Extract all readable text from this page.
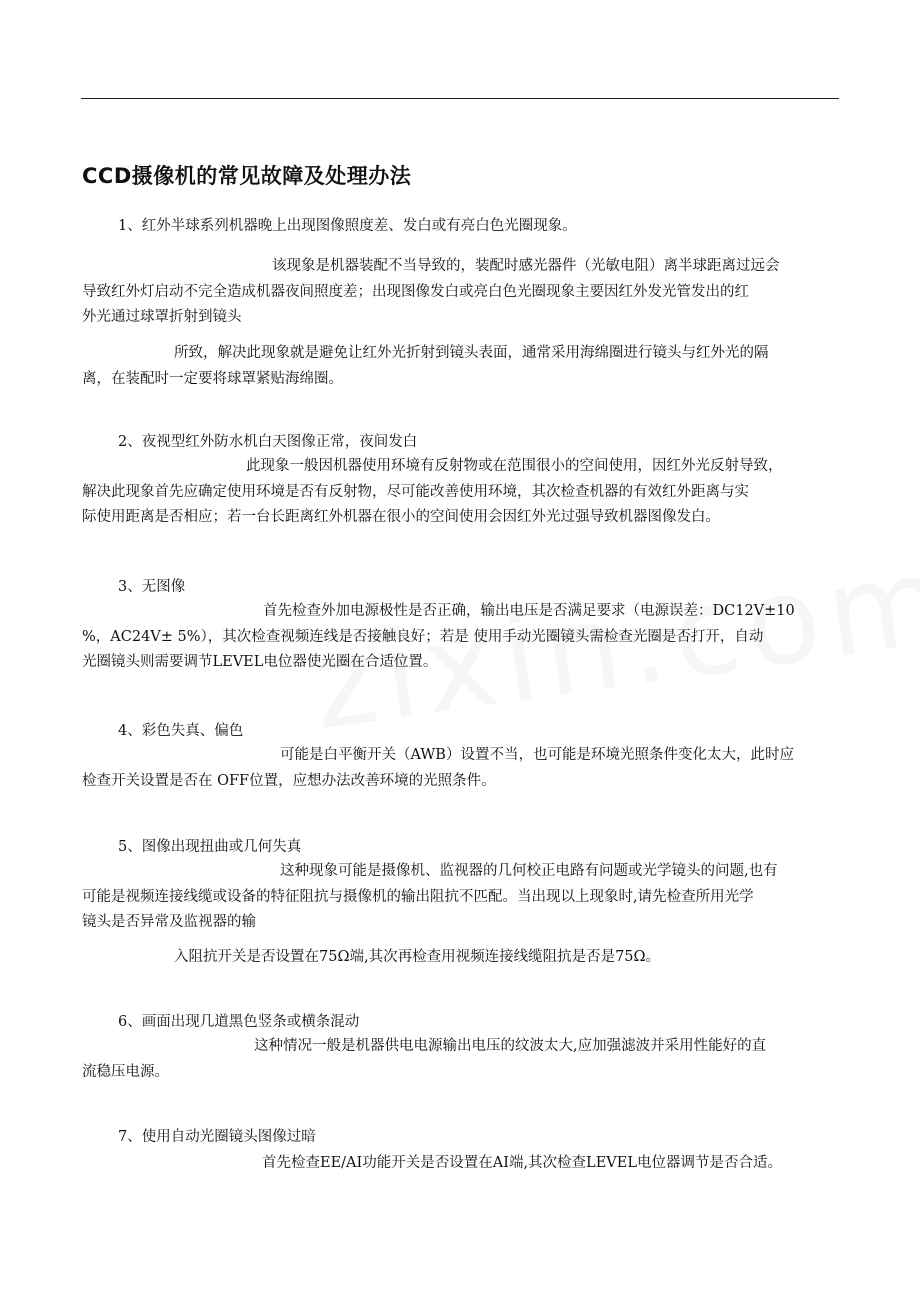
CCD摄像机的常见故障及处理办法
1、红外半球系列机器晚上出现图像照度差、发白或有亮白色光圈现象。
该现象是机器装配不当导致的，装配时感光器件（光敏电阻）离半球距离过远会
导致红外灯启动不完全造成机器夜间照度差；出现图像发白或亮白色光圈现象主要因红外发光管发出的红
外光通过球罩折射到镜头
所致，解决此现象就是避免让红外光折射到镜头表面，通常采用海绵圈进行镜头与红外光的隔
离，在装配时一定要将球罩紧贴海绵圈。
2、夜视型红外防水机白天图像正常，夜间发白
此现象一般因机器使用环境有反射物或在范围很小的空间使用，因红外光反射导致，
解决此现象首先应确定使用环境是否有反射物，尽可能改善使用环境，其次检查机器的有效红外距离与实
际使用距离是否相应；若一台长距离红外机器在很小的空间使用会因红外光过强导致机器图像发白。
3、无图像
首先检查外加电源极性是否正确，输出电压是否满足要求（电源误差：DC12V±10
%，AC24V± 5%），其次检查视频连线是否接触良好；若是 使用手动光圈镜头需检查光圈是否打开，自动
光圈镜头则需要调节LEVEL电位器使光圈在合适位置。
4、彩色失真、偏色
可能是白平衡开关（AWB）设置不当，也可能是环境光照条件变化太大，此时应
检查开关设置是否在 OFF位置，应想办法改善环境的光照条件。
5、图像出现扭曲或几何失真
这种现象可能是摄像机、监视器的几何校正电路有问题或光学镜头的问题,也有
可能是视频连接线缆或设备的特征阻抗与摄像机的输出阻抗不匹配。当出现以上现象时,请先检查所用光学
镜头是否异常及监视器的输
入阻抗开关是否设置在75Ω端,其次再检查用视频连接线缆阻抗是否是75Ω。
6、画面出现几道黑色竖条或横条混动
这种情况一般是机器供电电源输出电压的纹波太大,应加强滤波并采用性能好的直
流稳压电源。
7、使用自动光圈镜头图像过暗
首先检查EE/AI功能开关是否设置在AI端,其次检查LEVEL电位器调节是否合适。
